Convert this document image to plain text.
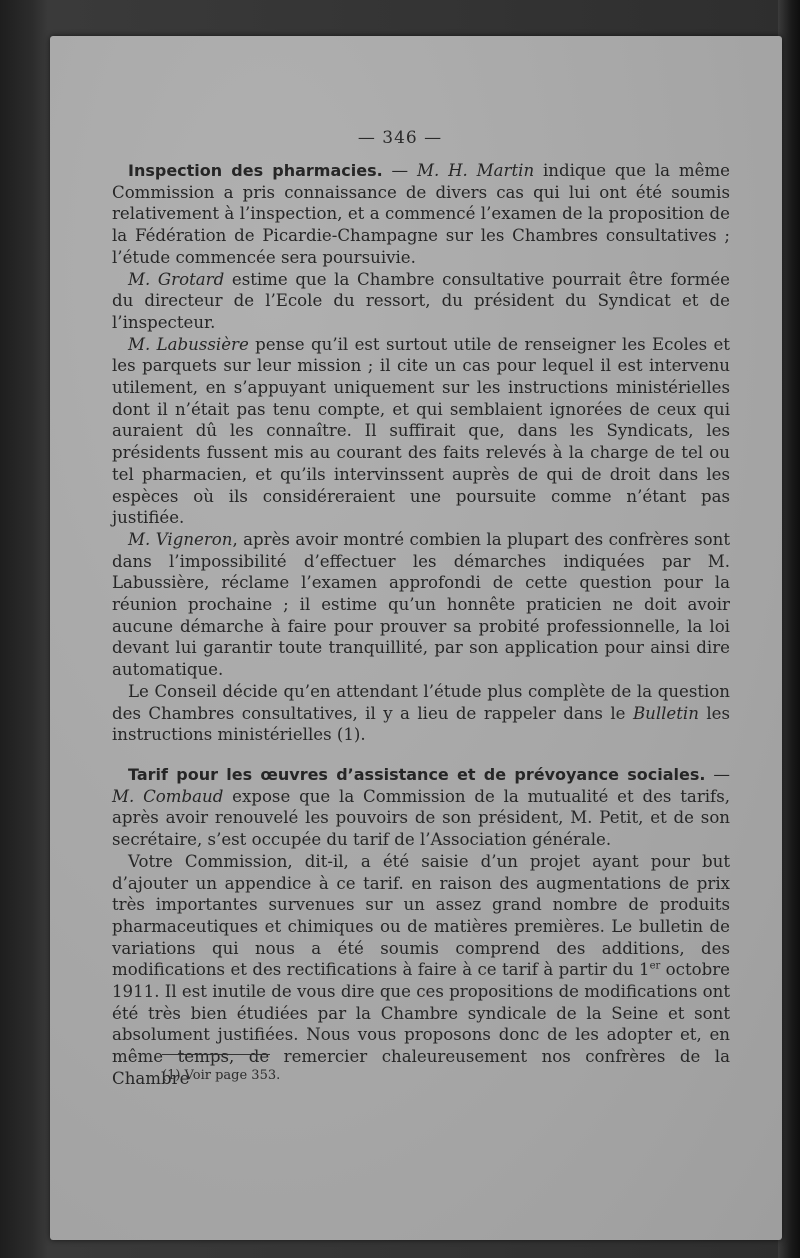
— 346 —

Inspection des pharmacies. — M. H. Martin indique que la même Commission a pris connaissance de divers cas qui lui ont été soumis relativement à l’inspection, et a commencé l’examen de la proposition de la Fédération de Picardie-Champagne sur les Chambres consultatives ; l’étude commencée sera poursuivie.

M. Grotard estime que la Chambre consultative pourrait être formée du directeur de l’Ecole du ressort, du président du Syndicat et de l’inspecteur.

M. Labussière pense qu’il est surtout utile de renseigner les Ecoles et les parquets sur leur mission ; il cite un cas pour lequel il est intervenu utilement, en s’appuyant uniquement sur les instructions ministérielles dont il n’était pas tenu compte, et qui semblaient ignorées de ceux qui auraient dû les connaître. Il suffirait que, dans les Syndicats, les présidents fussent mis au courant des faits relevés à la charge de tel ou tel pharmacien, et qu’ils intervinssent auprès de qui de droit dans les espèces où ils considéreraient une poursuite comme n’étant pas justifiée.

M. Vigneron, après avoir montré combien la plupart des confrères sont dans l’impossibilité d’effectuer les démarches indiquées par M. Labussière, réclame l’examen approfondi de cette question pour la réunion prochaine ; il estime qu’un honnête praticien ne doit avoir aucune démarche à faire pour prouver sa probité professionnelle, la loi devant lui garantir toute tranquillité, par son application pour ainsi dire automatique.

Le Conseil décide qu’en attendant l’étude plus complète de la question des Chambres consultatives, il y a lieu de rappeler dans le Bulletin les instructions ministérielles (1).

Tarif pour les œuvres d’assistance et de prévoyance sociales. — M. Combaud expose que la Commission de la mutualité et des tarifs, après avoir renouvelé les pouvoirs de son président, M. Petit, et de son secrétaire, s’est occupée du tarif de l’Association générale.

Votre Commission, dit-il, a été saisie d’un projet ayant pour but d’ajouter un appendice à ce tarif. en raison des augmentations de prix très importantes survenues sur un assez grand nombre de produits pharmaceutiques et chimiques ou de matières premières. Le bulletin de variations qui nous a été soumis comprend des additions, des modifications et des rectifications à faire à ce tarif à partir du 1er octobre 1911. Il est inutile de vous dire que ces propositions de modifications ont été très bien étudiées par la Chambre syndicale de la Seine et sont absolument justifiées. Nous vous proposons donc de les adopter et, en même temps, de remercier chaleureusement nos confrères de la Chambre

(1) Voir page 353.
